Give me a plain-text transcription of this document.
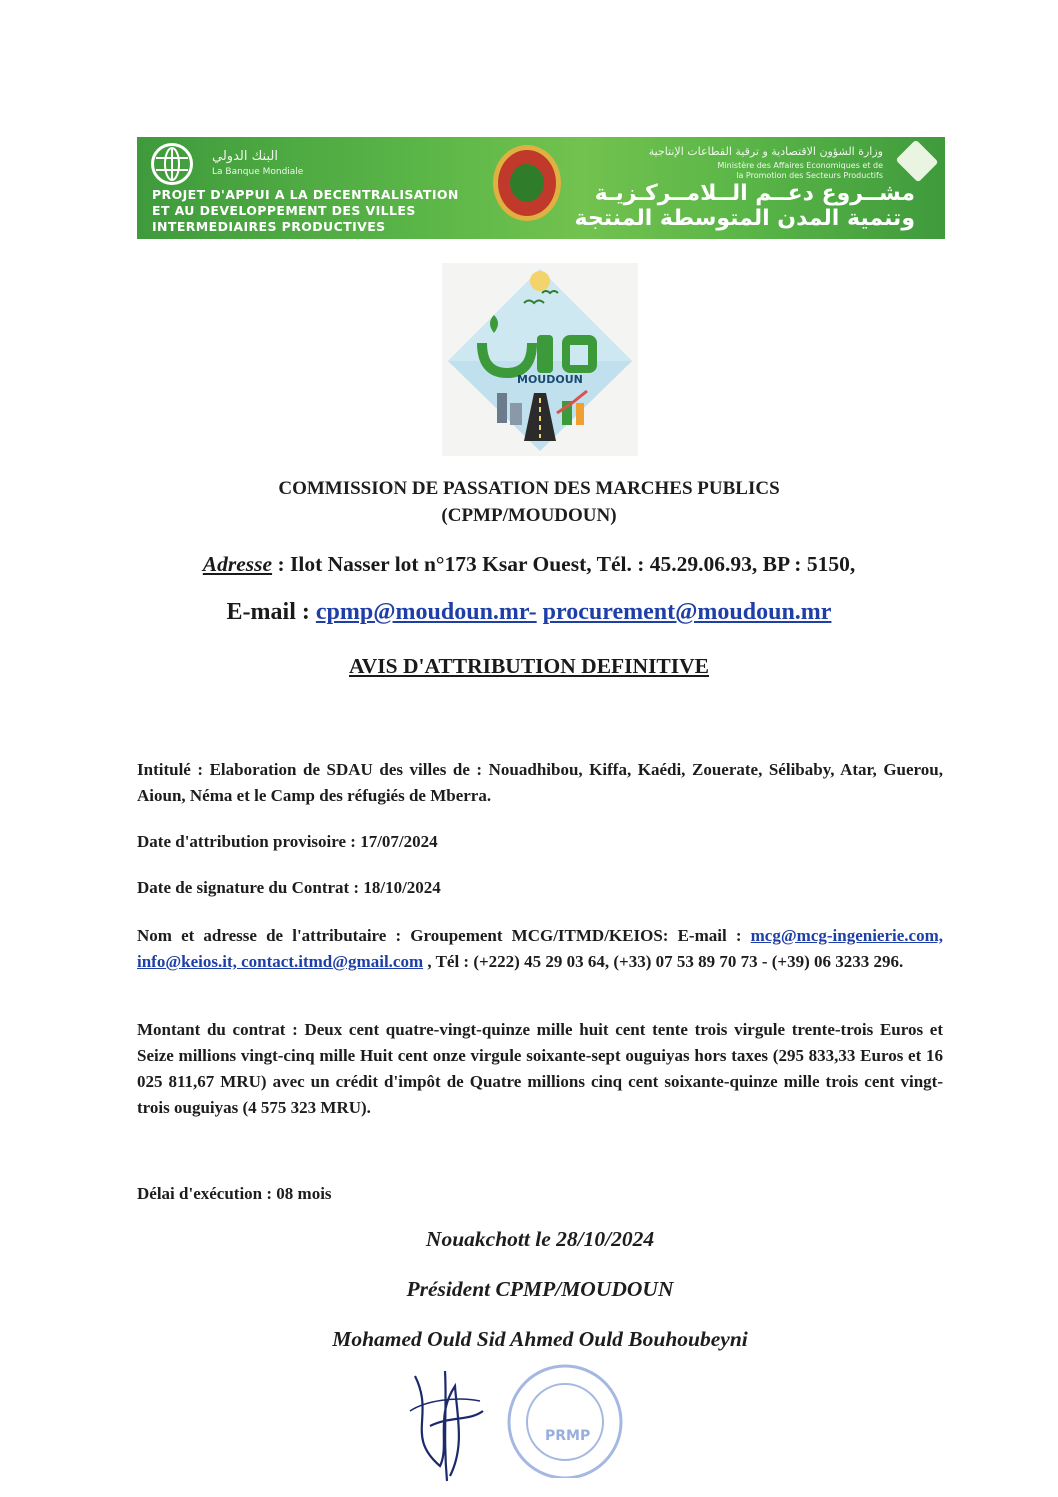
البنك الدولي
La Banque Mondiale
PROJET D'APPUI A LA DECENTRALISATION
ET AU DEVELOPPEMENT DES VILLES
INTERMEDIAIRES PRODUCTIVES
وزارة الشؤون الاقتصادية و ترقية القطاعات الإنتاجية
Ministère des Affaires Economiques et de la Promotion des Secteurs Productifs
مشــروع دعــم الــلامــركـزيـة
وتنمية المدن المتوسطة المنتجة
MOUDOUN
COMMISSION DE PASSATION DES MARCHES PUBLICS
(CPMP/MOUDOUN)
Adresse : Ilot Nasser lot n°173 Ksar Ouest, Tél. : 45.29.06.93, BP : 5150,
E-mail : cpmp@moudoun.mr- procurement@moudoun.mr
AVIS D'ATTRIBUTION DEFINITIVE
Intitulé : Elaboration de SDAU des villes de : Nouadhibou, Kiffa, Kaédi, Zouerate, Sélibaby, Atar, Guerou, Aioun, Néma et le Camp des réfugiés de Mberra.
Date d'attribution provisoire : 17/07/2024
Date de signature du Contrat : 18/10/2024
Nom et adresse de l'attributaire : Groupement MCG/ITMD/KEIOS: E-mail : mcg@mcg-ingenierie.com, info@keios.it, contact.itmd@gmail.com , Tél : (+222) 45 29 03 64, (+33) 07 53 89 70 73 - (+39) 06 3233 296.
Montant du contrat : Deux cent quatre-vingt-quinze mille huit cent tente trois virgule trente-trois Euros et Seize millions vingt-cinq mille Huit cent onze virgule soixante-sept ouguiyas hors taxes (295 833,33 Euros et 16 025 811,67 MRU) avec un crédit d'impôt de Quatre millions cinq cent soixante-quinze mille trois cent vingt-trois ouguiyas (4 575 323 MRU).
Délai d'exécution : 08 mois
Nouakchott le 28/10/2024
Président CPMP/MOUDOUN
Mohamed Ould Sid Ahmed Ould Bouhoubeyni
PRMP
